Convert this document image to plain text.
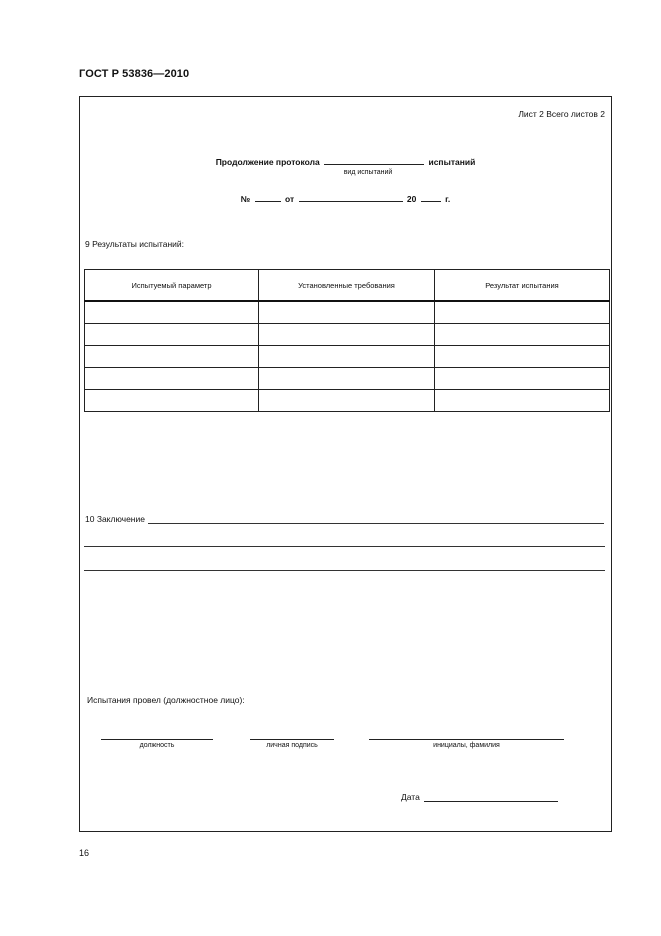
ГОСТ Р 53836—2010
Лист 2 Всего листов 2
Продолжение протокола	испытаний
вид испытаний
№	от	20	г.
9 Результаты испытаний:
Испытуемый параметр	Установленные требования	Результат испытания

10 Заключение
Испытания провел (должностное лицо):
должность	личная подпись	инициалы, фамилия
Дата
16
